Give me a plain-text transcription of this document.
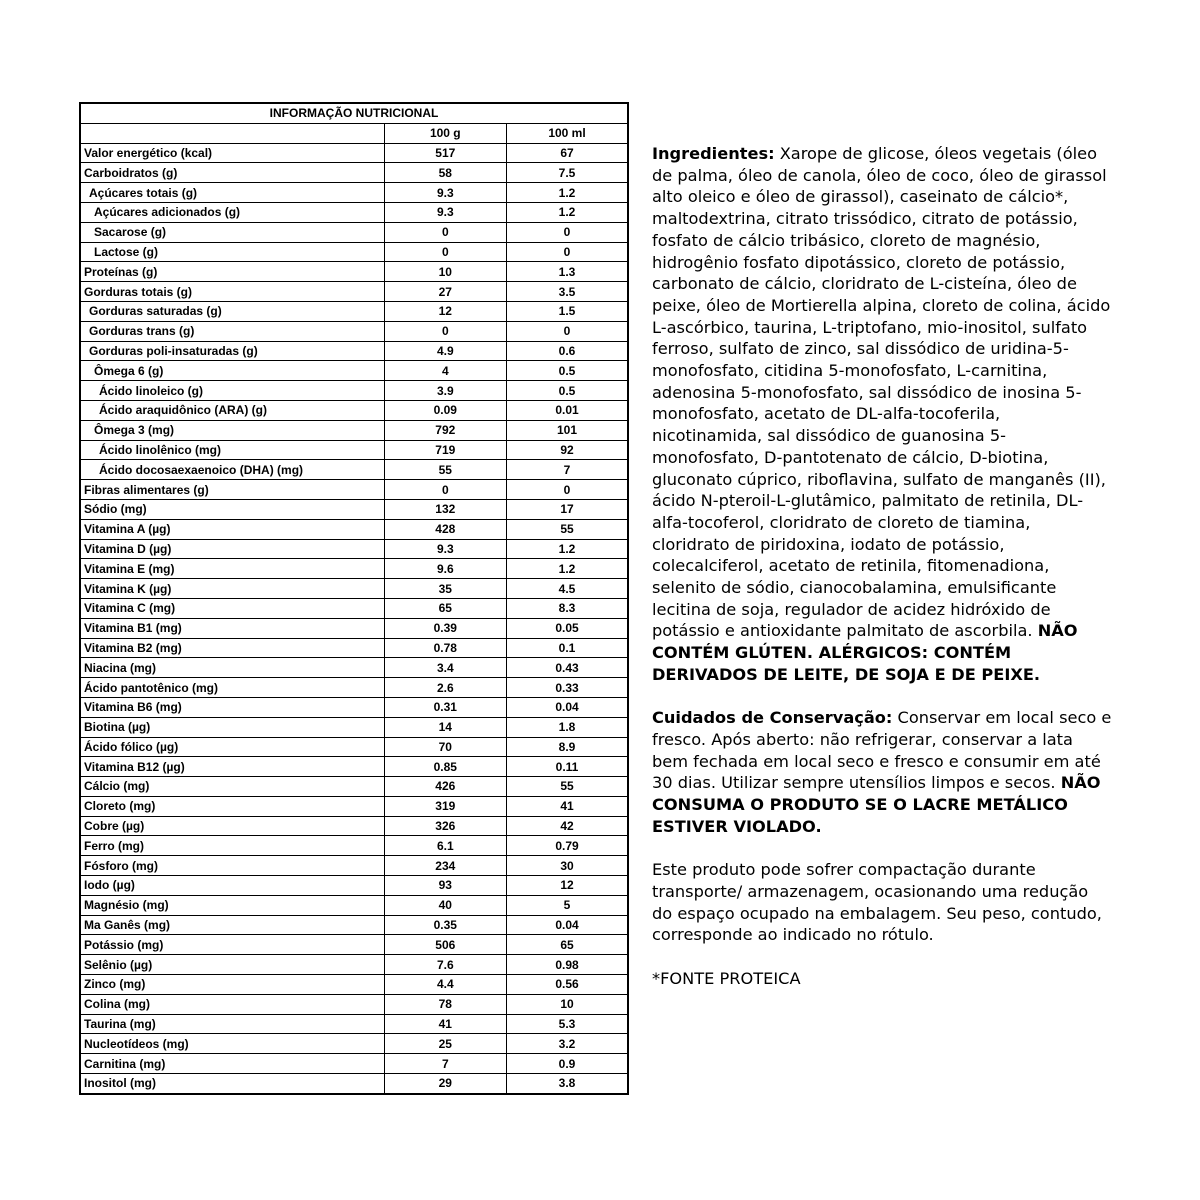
INFORMAÇÃO NUTRICIONAL		
	100 g	100 ml
Valor energético (kcal)	517	67
Carboidratos (g)	58	7.5
Açúcares totais (g)	9.3	1.2
Açúcares adicionados (g)	9.3	1.2
Sacarose (g)	0	0
Lactose (g)	0	0
Proteínas (g)	10	1.3
Gorduras totais (g)	27	3.5
Gorduras saturadas (g)	12	1.5
Gorduras trans (g)	0	0
Gorduras poli-insaturadas (g)	4.9	0.6
Ômega 6 (g)	4	0.5
Ácido linoleico (g)	3.9	0.5
Ácido araquidônico (ARA) (g)	0.09	0.01
Ômega 3 (mg)	792	101
Ácido linolênico (mg)	719	92
Ácido docosaexaenoico (DHA) (mg)	55	7
Fibras alimentares (g)	0	0
Sódio (mg)	132	17
Vitamina A (µg)	428	55
Vitamina D (µg)	9.3	1.2
Vitamina E (mg)	9.6	1.2
Vitamina K (µg)	35	4.5
Vitamina C (mg)	65	8.3
Vitamina B1 (mg)	0.39	0.05
Vitamina B2 (mg)	0.78	0.1
Niacina (mg)	3.4	0.43
Ácido pantotênico (mg)	2.6	0.33
Vitamina B6 (mg)	0.31	0.04
Biotina (µg)	14	1.8
Ácido fólico (µg)	70	8.9
Vitamina B12 (µg)	0.85	0.11
Cálcio (mg)	426	55
Cloreto (mg)	319	41
Cobre (µg)	326	42
Ferro (mg)	6.1	0.79
Fósforo (mg)	234	30
Iodo (µg)	93	12
Magnésio (mg)	40	5
Ma Ganês (mg)	0.35	0.04
Potássio (mg)	506	65
Selênio (µg)	7.6	0.98
Zinco (mg)	4.4	0.56
Colina (mg)	78	10
Taurina (mg)	41	5.3
Nucleotídeos (mg)	25	3.2
Carnitina (mg)	7	0.9
Inositol (mg)	29	3.8

Ingredientes: Xarope de glicose, óleos vegetais (óleo de palma, óleo de canola, óleo de coco, óleo de girassol alto oleico e óleo de girassol), caseinato de cálcio*, maltodextrina, citrato trissódico, citrato de potássio, fosfato de cálcio tribásico, cloreto de magnésio, hidrogênio fosfato dipotássico, cloreto de potássio, carbonato de cálcio, cloridrato de L-cisteína, óleo de peixe, óleo de Mortierella alpina, cloreto de colina, ácido L-ascórbico, taurina, L-triptofano, mio-inositol, sulfato ferroso, sulfato de zinco, sal dissódico de uridina-5-monofosfato, citidina 5-monofosfato, L-carnitina, adenosina 5-monofosfato, sal dissódico de inosina 5-monofosfato, acetato de DL-alfa-tocoferila, nicotinamida, sal dissódico de guanosina 5-monofosfato, D-pantotenato de cálcio, D-biotina, gluconato cúprico, riboflavina, sulfato de manganês (II), ácido N-pteroil-L-glutâmico, palmitato de retinila, DL-alfa-tocoferol, cloridrato de cloreto de tiamina, cloridrato de piridoxina, iodato de potássio, colecalciferol, acetato de retinila, fitomenadiona, selenito de sódio, cianocobalamina, emulsificante lecitina de soja, regulador de acidez hidróxido de potássio e antioxidante palmitato de ascorbila. NÃO CONTÉM GLÚTEN. ALÉRGICOS: CONTÉM DERIVADOS DE LEITE, DE SOJA E DE PEIXE.

Cuidados de Conservação: Conservar em local seco e fresco. Após aberto: não refrigerar, conservar a lata bem fechada em local seco e fresco e consumir em até 30 dias. Utilizar sempre utensílios limpos e secos. NÃO CONSUMA O PRODUTO SE O LACRE METÁLICO ESTIVER VIOLADO.

Este produto pode sofrer compactação durante transporte/ armazenagem, ocasionando uma redução do espaço ocupado na embalagem. Seu peso, contudo, corresponde ao indicado no rótulo.

*FONTE PROTEICA
